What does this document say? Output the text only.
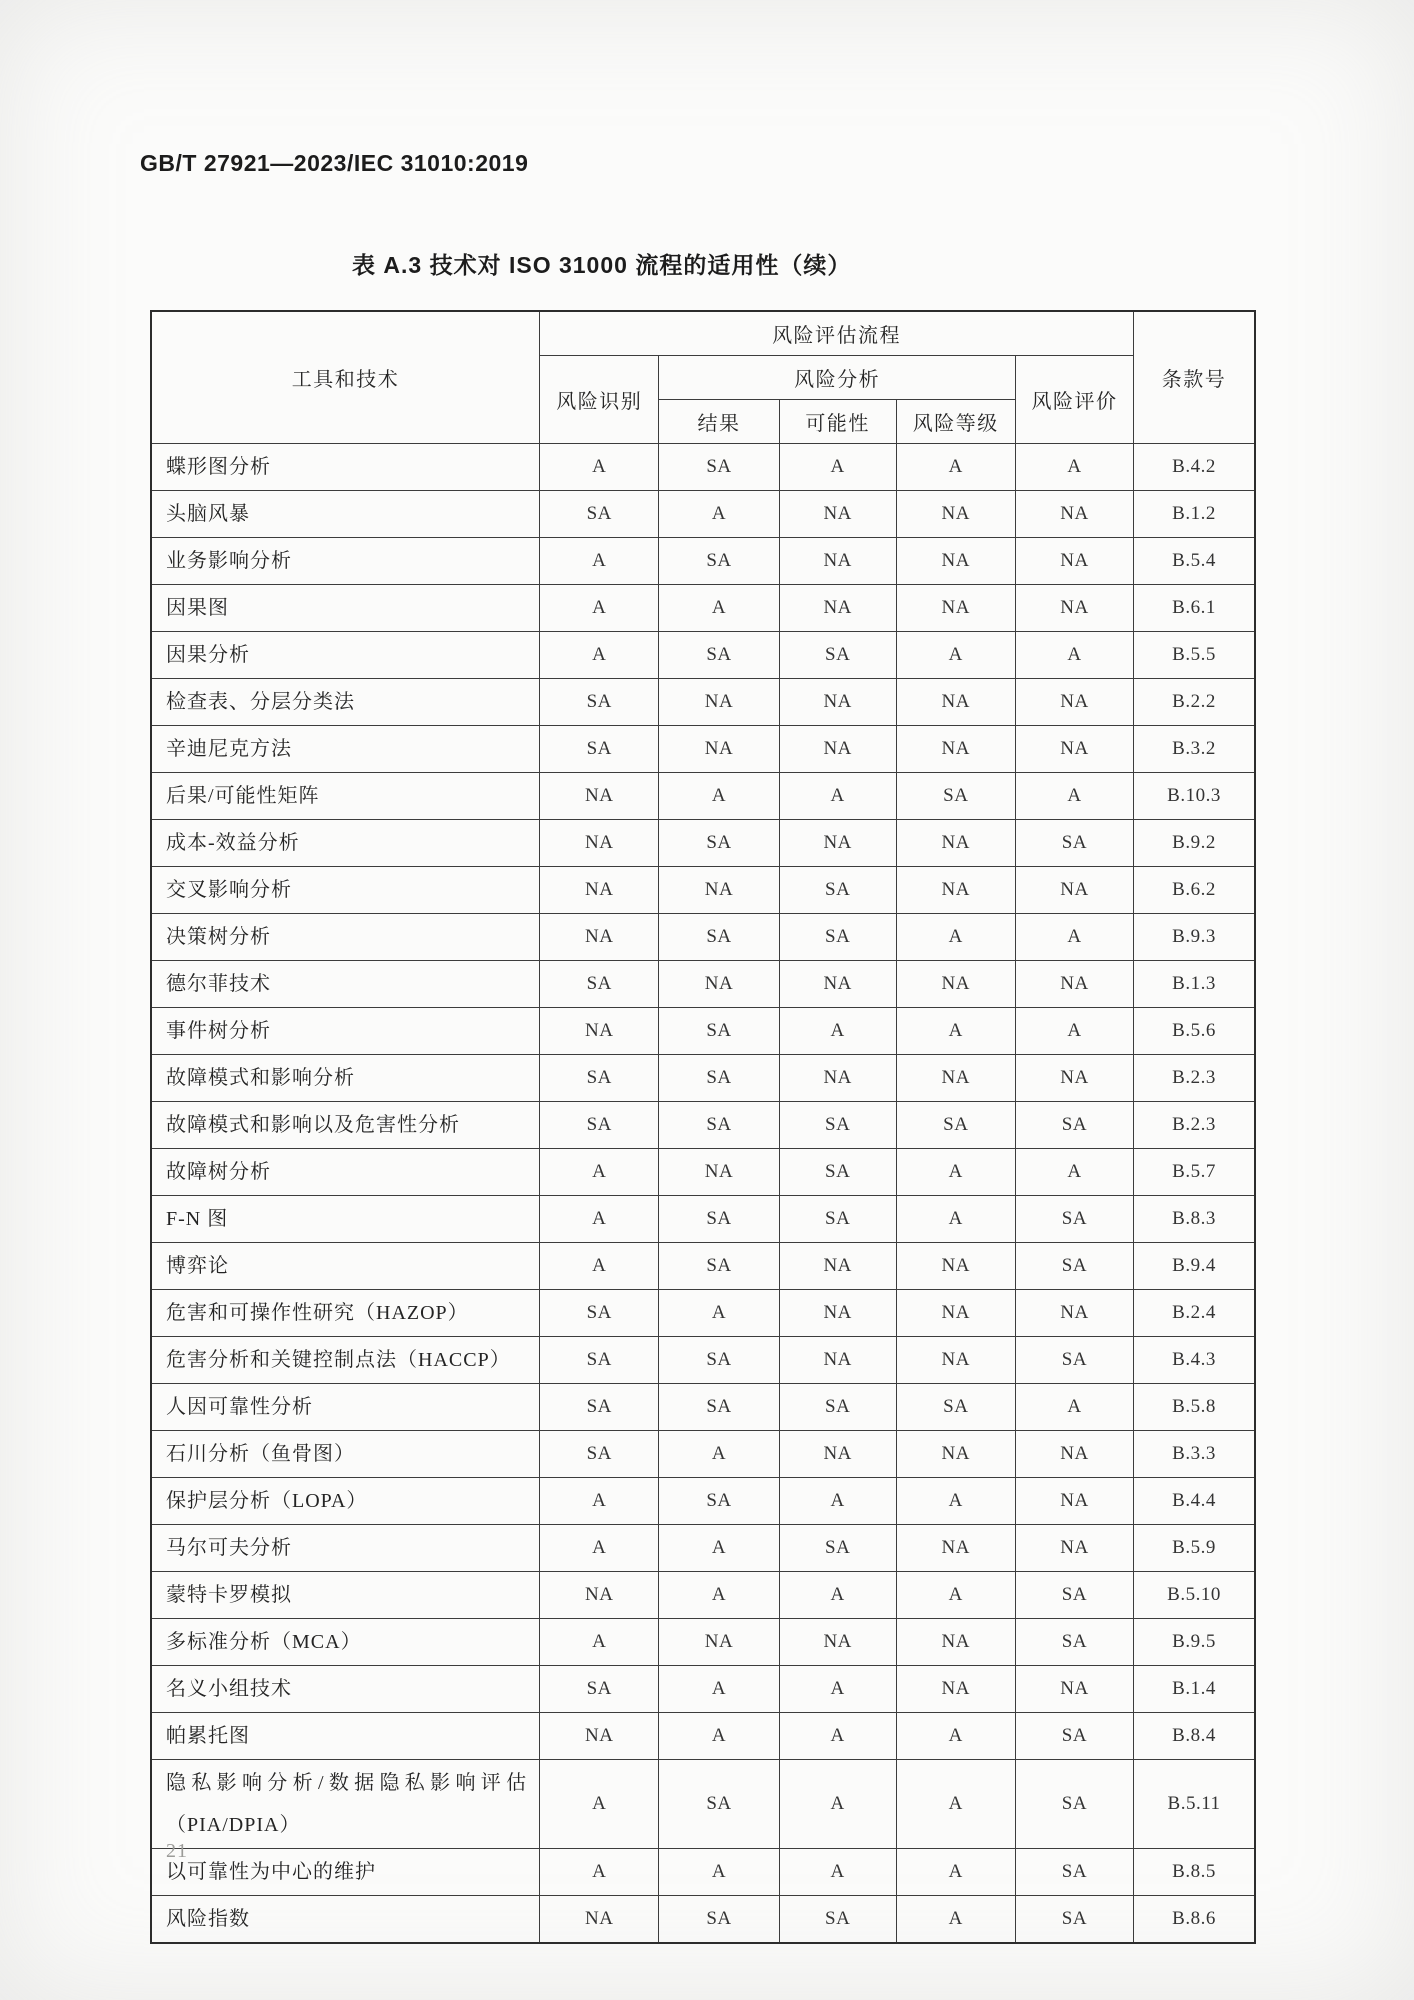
GB/T 27921—2023/IEC 31010:2019
表 A.3 技术对 ISO 31000 流程的适用性（续）
工具和技术	风险评估流程					条款号
	风险识别	风险分析			风险评价	
		结果	可能性	风险等级		
蝶形图分析	A	SA	A	A	A	B.4.2
头脑风暴	SA	A	NA	NA	NA	B.1.2
业务影响分析	A	SA	NA	NA	NA	B.5.4
因果图	A	A	NA	NA	NA	B.6.1
因果分析	A	SA	SA	A	A	B.5.5
检查表、分层分类法	SA	NA	NA	NA	NA	B.2.2
辛迪尼克方法	SA	NA	NA	NA	NA	B.3.2
后果/可能性矩阵	NA	A	A	SA	A	B.10.3
成本-效益分析	NA	SA	NA	NA	SA	B.9.2
交叉影响分析	NA	NA	SA	NA	NA	B.6.2
决策树分析	NA	SA	SA	A	A	B.9.3
德尔菲技术	SA	NA	NA	NA	NA	B.1.3
事件树分析	NA	SA	A	A	A	B.5.6
故障模式和影响分析	SA	SA	NA	NA	NA	B.2.3
故障模式和影响以及危害性分析	SA	SA	SA	SA	SA	B.2.3
故障树分析	A	NA	SA	A	A	B.5.7
F-N 图	A	SA	SA	A	SA	B.8.3
博弈论	A	SA	NA	NA	SA	B.9.4
危害和可操作性研究（HAZOP）	SA	A	NA	NA	NA	B.2.4
危害分析和关键控制点法（HACCP）	SA	SA	NA	NA	SA	B.4.3
人因可靠性分析	SA	SA	SA	SA	A	B.5.8
石川分析（鱼骨图）	SA	A	NA	NA	NA	B.3.3
保护层分析（LOPA）	A	SA	A	A	NA	B.4.4
马尔可夫分析	A	A	SA	NA	NA	B.5.9
蒙特卡罗模拟	NA	A	A	A	SA	B.5.10
多标准分析（MCA）	A	NA	NA	NA	SA	B.9.5
名义小组技术	SA	A	A	NA	NA	B.1.4
帕累托图	NA	A	A	A	SA	B.8.4
隐私影响分析/数据隐私影响评估（PIA/DPIA）	A	SA	A	A	SA	B.5.11
以可靠性为中心的维护	A	A	A	A	SA	B.8.5
风险指数	NA	SA	SA	A	SA	B.8.6
21
